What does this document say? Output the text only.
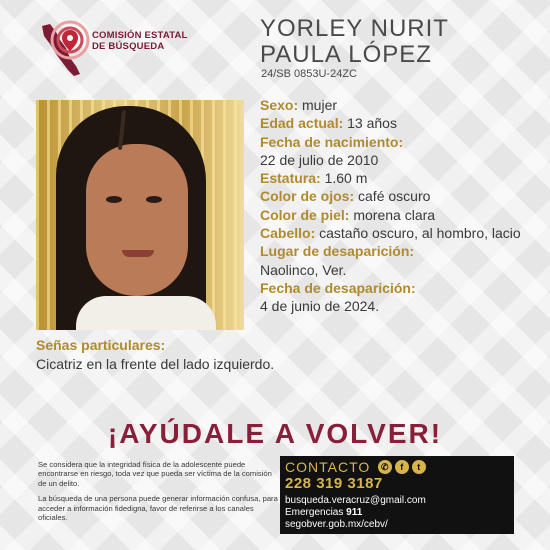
COMISIÓN ESTATAL
DE BÚSQUEDA
YORLEY NURIT
PAULA LÓPEZ
24/SB 0853U-24ZC
Sexo: mujer
Edad actual: 13 años
Fecha de nacimiento:
22 de julio de 2010
Estatura: 1.60 m
Color de ojos: café oscuro
Color de piel: morena clara
Cabello: castaño oscuro, al hombro, lacio
Lugar de desaparición:
Naolinco, Ver.
Fecha de desaparición:
4 de junio de 2024.
Señas particulares:
Cicatriz en la frente del lado izquierdo.
¡AYÚDALE A VOLVER!

Se considera que la integridad física de la adolescente puede encontrarse en riesgo, toda vez que pueda ser víctima de la comisión de un delito.

La búsqueda de una persona puede generar información confusa, para acceder a información fidedigna, favor de referirse a los canales oficiales.

CONTACTO	✆	f	t
228 319 3187
busqueda.veracruz@gmail.com
Emergencias 911
segobver.gob.mx/cebv/
